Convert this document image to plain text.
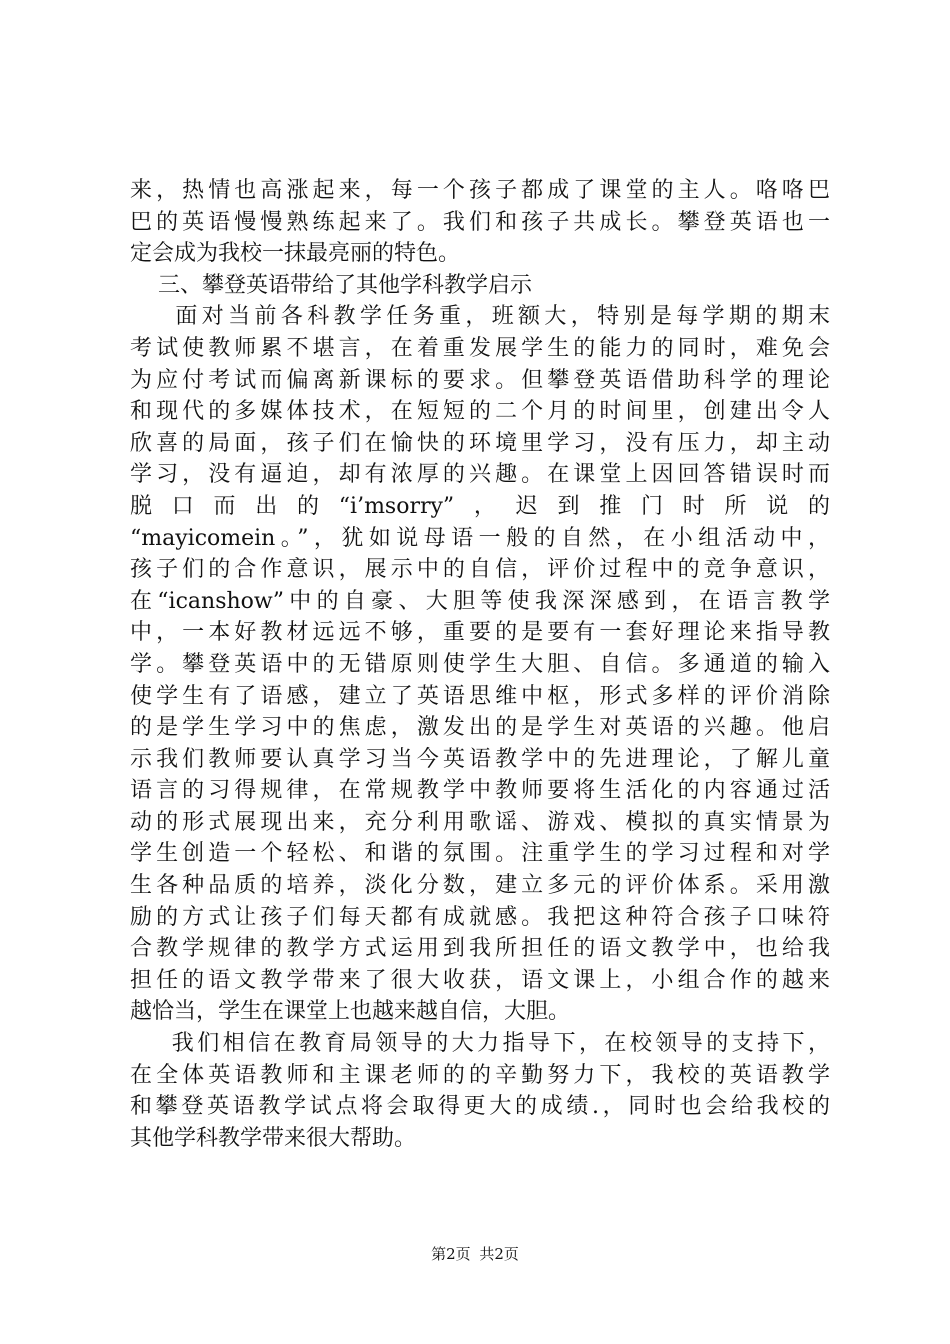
来，热情也高涨起来，每一个孩子都成了课堂的主人。咯咯巴

巴的英语慢慢熟练起来了。我们和孩子共成长。攀登英语也一

定会成为我校一抹最亮丽的特色。

三、攀登英语带给了其他学科教学启示

面对当前各科教学任务重，班额大，特别是每学期的期末

考试使教师累不堪言，在着重发展学生的能力的同时，难免会

为应付考试而偏离新课标的要求。但攀登英语借助科学的理论

和现代的多媒体技术，在短短的二个月的时间里，创建出令人

欣喜的局面，孩子们在愉快的环境里学习，没有压力，却主动

学习，没有逼迫，却有浓厚的兴趣。在课堂上因回答错误时而

脱口而出的“i’msorry”，迟到推门时所说的

“mayicomein。”，犹如说母语一般的自然，在小组活动中，

孩子们的合作意识，展示中的自信，评价过程中的竞争意识，

在“icanshow”中的自豪、大胆等使我深深感到，在语言教学

中，一本好教材远远不够，重要的是要有一套好理论来指导教

学。攀登英语中的无错原则使学生大胆、自信。多通道的输入

使学生有了语感，建立了英语思维中枢，形式多样的评价消除

的是学生学习中的焦虑，激发出的是学生对英语的兴趣。他启

示我们教师要认真学习当今英语教学中的先进理论，了解儿童

语言的习得规律，在常规教学中教师要将生活化的内容通过活

动的形式展现出来，充分利用歌谣、游戏、模拟的真实情景为

学生创造一个轻松、和谐的氛围。注重学生的学习过程和对学

生各种品质的培养，淡化分数，建立多元的评价体系。采用激

励的方式让孩子们每天都有成就感。我把这种符合孩子口味符

合教学规律的教学方式运用到我所担任的语文教学中，也给我

担任的语文教学带来了很大收获，语文课上，小组合作的越来

越恰当，学生在课堂上也越来越自信，大胆。

我们相信在教育局领导的大力指导下，在校领导的支持下，

在全体英语教师和主课老师的的辛勤努力下，我校的英语教学

和攀登英语教学试点将会取得更大的成绩.，同时也会给我校的

其他学科教学带来很大帮助。

第2页 共2页
